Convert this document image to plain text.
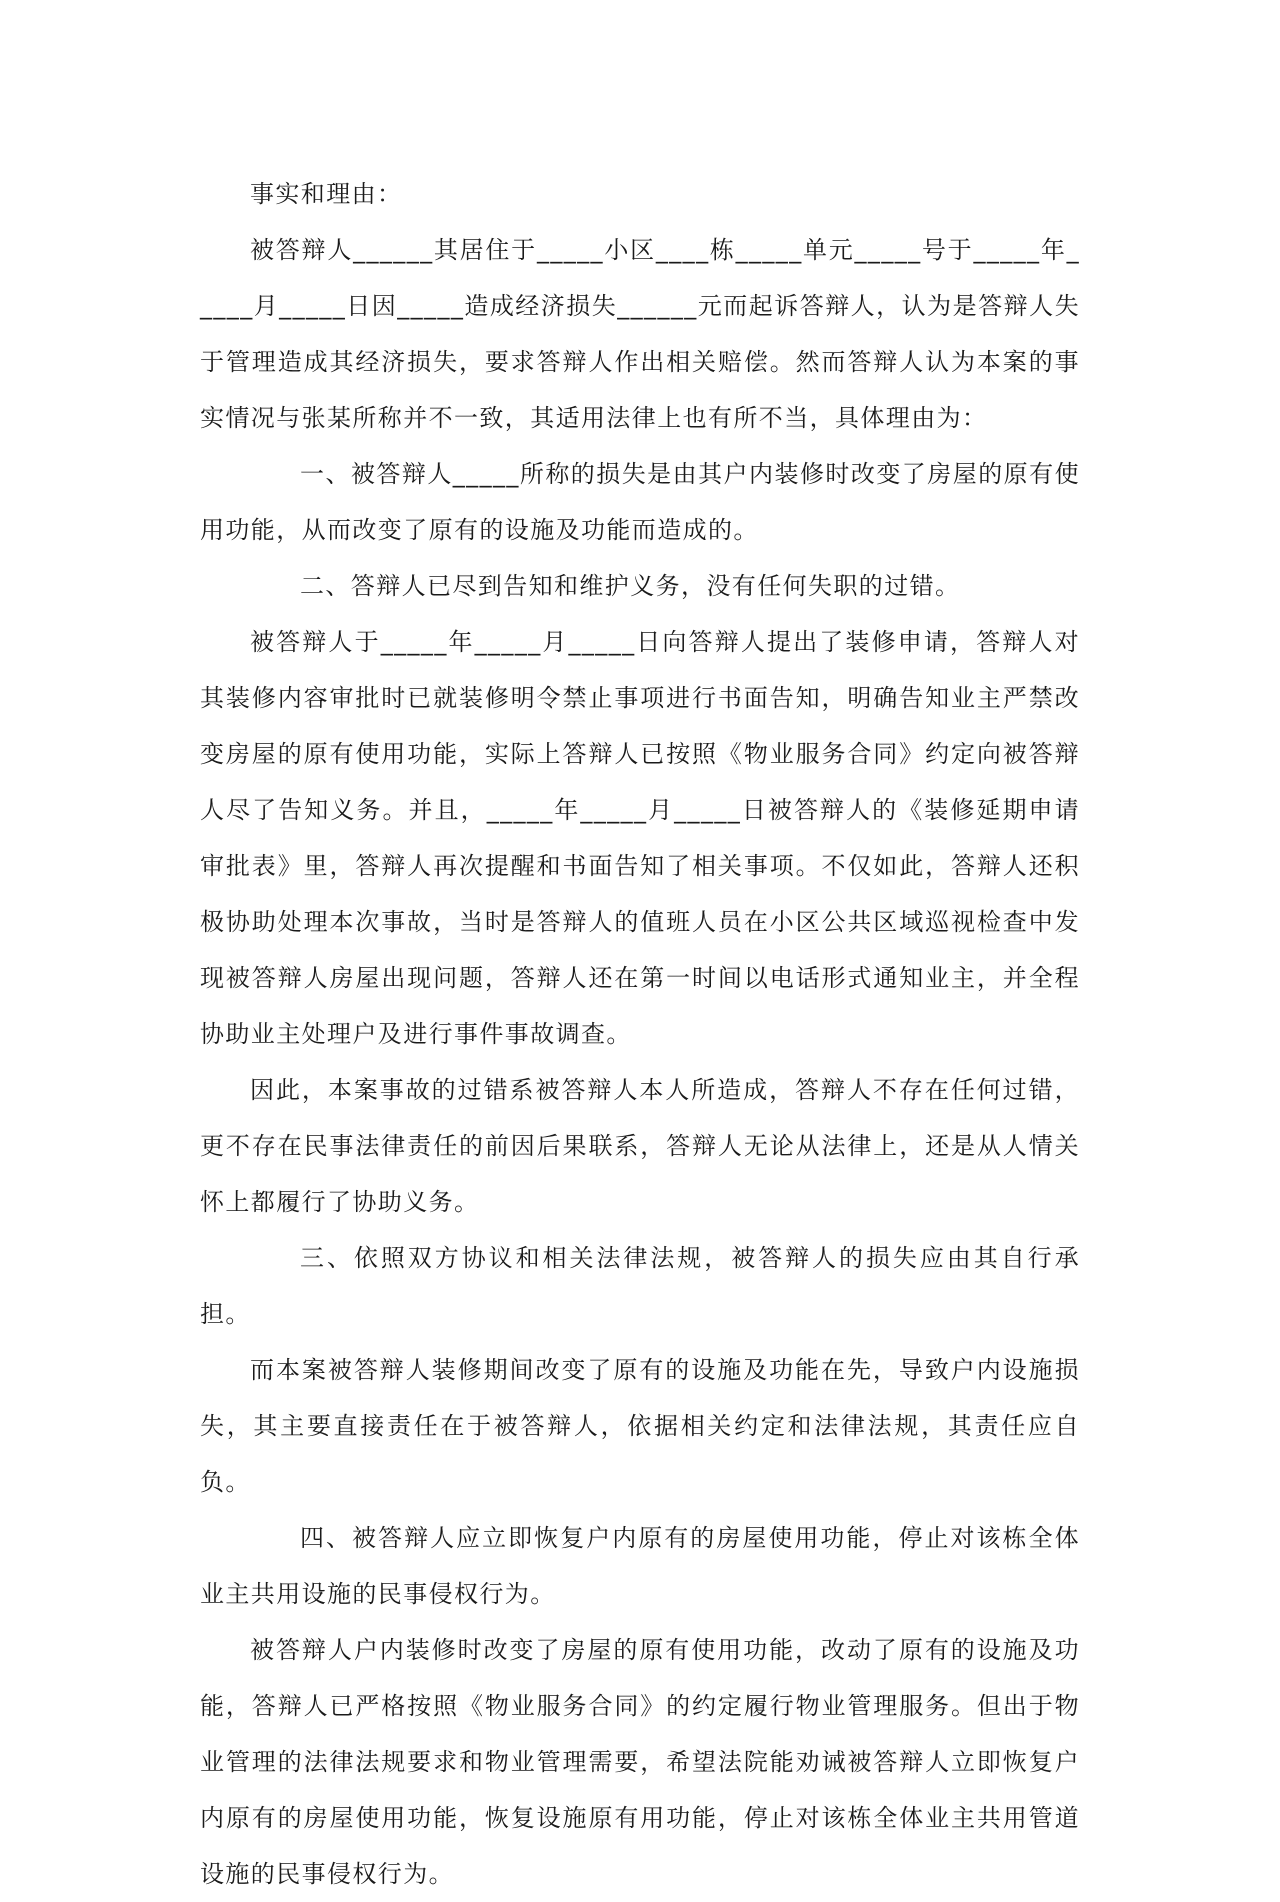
事实和理由：

被答辩人______其居住于_____小区____栋_____单元_____号于_____年_____月_____日因_____造成经济损失______元而起诉答辩人，认为是答辩人失于管理造成其经济损失，要求答辩人作出相关赔偿。然而答辩人认为本案的事实情况与张某所称并不一致，其适用法律上也有所不当，具体理由为：

一、被答辩人_____所称的损失是由其户内装修时改变了房屋的原有使用功能，从而改变了原有的设施及功能而造成的。

二、答辩人已尽到告知和维护义务，没有任何失职的过错。

被答辩人于_____年_____月_____日向答辩人提出了装修申请，答辩人对其装修内容审批时已就装修明令禁止事项进行书面告知，明确告知业主严禁改变房屋的原有使用功能，实际上答辩人已按照《物业服务合同》约定向被答辩人尽了告知义务。并且，_____年_____月_____日被答辩人的《装修延期申请审批表》里，答辩人再次提醒和书面告知了相关事项。不仅如此，答辩人还积极协助处理本次事故，当时是答辩人的值班人员在小区公共区域巡视检查中发现被答辩人房屋出现问题，答辩人还在第一时间以电话形式通知业主，并全程协助业主处理户及进行事件事故调查。

因此，本案事故的过错系被答辩人本人所造成，答辩人不存在任何过错，更不存在民事法律责任的前因后果联系，答辩人无论从法律上，还是从人情关怀上都履行了协助义务。

三、依照双方协议和相关法律法规，被答辩人的损失应由其自行承担。

而本案被答辩人装修期间改变了原有的设施及功能在先，导致户内设施损失，其主要直接责任在于被答辩人，依据相关约定和法律法规，其责任应自负。

四、被答辩人应立即恢复户内原有的房屋使用功能，停止对该栋全体业主共用设施的民事侵权行为。

被答辩人户内装修时改变了房屋的原有使用功能，改动了原有的设施及功能，答辩人已严格按照《物业服务合同》的约定履行物业管理服务。但出于物业管理的法律法规要求和物业管理需要，希望法院能劝诫被答辩人立即恢复户内原有的房屋使用功能，恢复设施原有用功能，停止对该栋全体业主共用管道设施的民事侵权行为。
